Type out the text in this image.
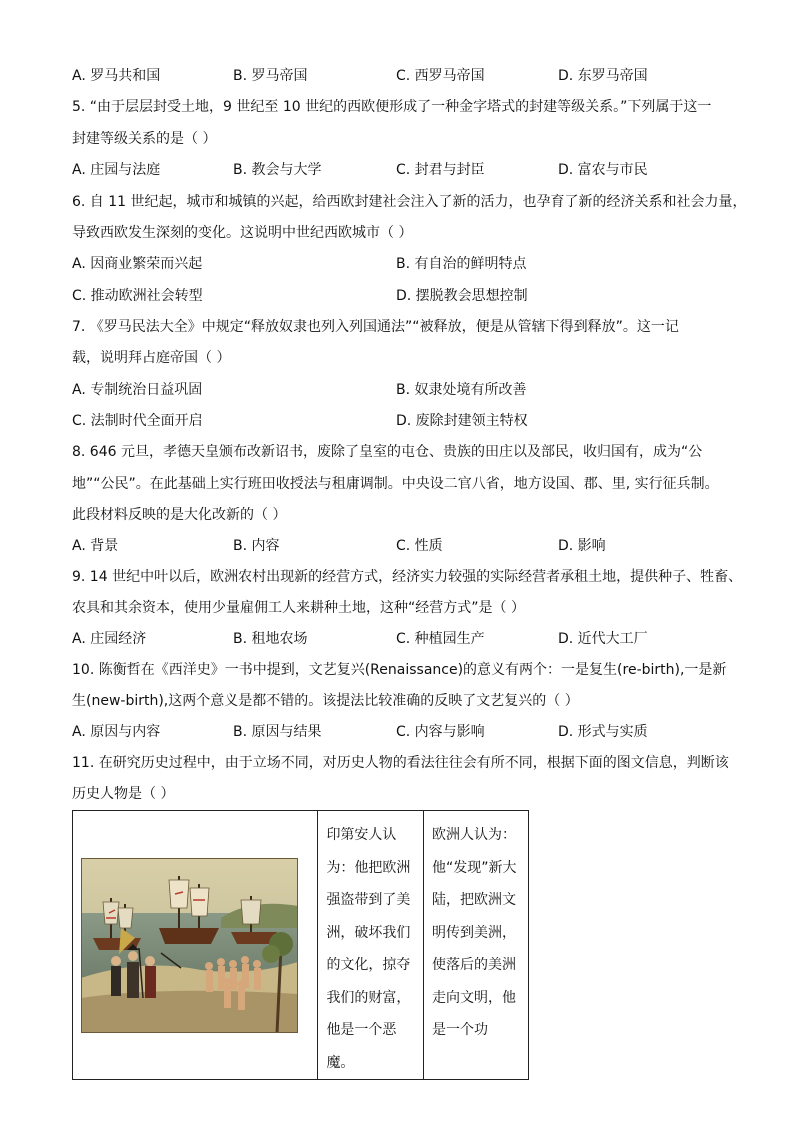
A. 罗马共和国	B. 罗马帝国	C. 西罗马帝国	D. 东罗马帝国
5. “由于层层封受土地，9 世纪至 10 世纪的西欧便形成了一种金字塔式的封建等级关系。”下列属于这一
封建等级关系的是（ ）
A. 庄园与法庭	B. 教会与大学	C. 封君与封臣	D. 富农与市民
6. 自 11 世纪起，城市和城镇的兴起，给西欧封建社会注入了新的活力，也孕育了新的经济关系和社会力量，
导致西欧发生深刻的变化。这说明中世纪西欧城市（ ）
A. 因商业繁荣而兴起	B. 有自治的鲜明特点
C. 推动欧洲社会转型	D. 摆脱教会思想控制
7. 《罗马民法大全》中规定“释放奴隶也列入列国通法”“被释放，便是从管辖下得到释放”。这一记
载，说明拜占庭帝国（ ）
A. 专制统治日益巩固	B. 奴隶处境有所改善
C. 法制时代全面开启	D. 废除封建领主特权
8. 646 元旦，孝德天皇颁布改新诏书，废除了皇室的屯仓、贵族的田庄以及部民，收归国有，成为“公
地”“公民”。在此基础上实行班田收授法与租庸调制。中央设二官八省，地方设国、郡、里, 实行征兵制。
此段材料反映的是大化改新的（ ）
A. 背景	B. 内容	C. 性质	D. 影响
9. 14 世纪中叶以后，欧洲农村出现新的经营方式，经济实力较强的实际经营者承租土地，提供种子、牲畜、
农具和其余资本，使用少量雇佣工人来耕种土地，这种“经营方式”是（ ）
A. 庄园经济	B. 租地农场	C. 种植园生产	D. 近代大工厂
10. 陈衡哲在《西洋史》一书中提到，文艺复兴(Renaissance)的意义有两个：一是复生(re-birth),一是新
生(new-birth),这两个意义是都不错的。该提法比较准确的反映了文艺复兴的（ ）
A. 原因与内容	B. 原因与结果	C. 内容与影响	D. 形式与实质
11. 在研究历史过程中，由于立场不同，对历史人物的看法往往会有所不同，根据下面的图文信息，判断该
历史人物是（ ）
	印第安人认为：他把欧洲强盗带到了美洲，破坏我们的文化，掠夺我们的财富，他是一个恶魔。	欧洲人认为：他“发现”新大陆，把欧洲文明传到美洲，使落后的美洲走向文明，他是一个功
